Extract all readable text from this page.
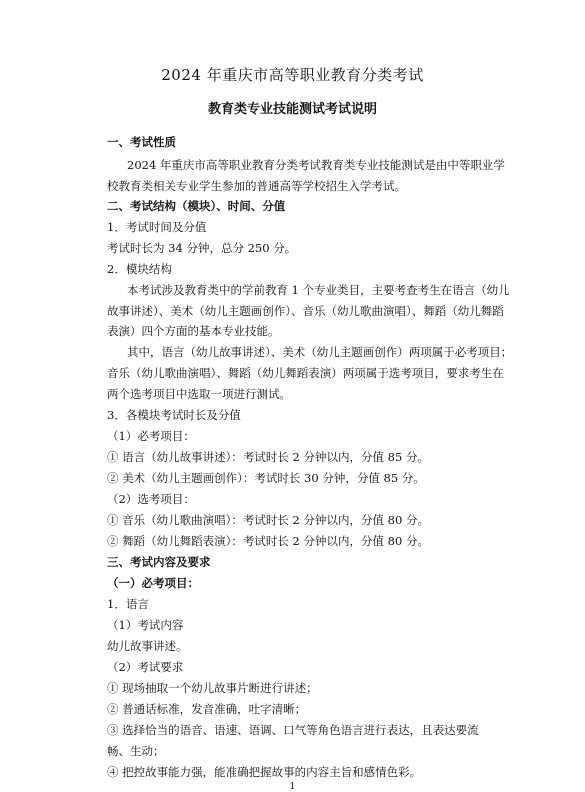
2024 年重庆市高等职业教育分类考试
教育类专业技能测试考试说明
一、考试性质
2024 年重庆市高等职业教育分类考试教育类专业技能测试是由中等职业学
校教育类相关专业学生参加的普通高等学校招生入学考试。
二、考试结构（模块）、时间、分值
1．考试时间及分值
考试时长为 34 分钟，总分 250 分。
2．模块结构
本考试涉及教育类中的学前教育 1 个专业类目，主要考查考生在语言（幼儿
故事讲述）、美术（幼儿主题画创作）、音乐（幼儿歌曲演唱）、舞蹈（幼儿舞蹈
表演）四个方面的基本专业技能。
其中，语言（幼儿故事讲述）、美术（幼儿主题画创作）两项属于必考项目；
音乐（幼儿歌曲演唱）、舞蹈（幼儿舞蹈表演）两项属于选考项目，要求考生在
两个选考项目中选取一项进行测试。
3．各模块考试时长及分值
（1）必考项目：
① 语言（幼儿故事讲述）：考试时长 2 分钟以内，分值 85 分。
② 美术（幼儿主题画创作）：考试时长 30 分钟，分值 85 分。
（2）选考项目：
① 音乐（幼儿歌曲演唱）：考试时长 2 分钟以内，分值 80 分。
② 舞蹈（幼儿舞蹈表演）：考试时长 2 分钟以内，分值 80 分。
三、考试内容及要求
（一）必考项目：
1．语言
（1）考试内容
幼儿故事讲述。
（2）考试要求
① 现场抽取一个幼儿故事片断进行讲述；
② 普通话标准，发音准确，吐字清晰；
③ 选择恰当的语音、语速、语调、口气等角色语言进行表达，且表达要流
畅、生动；
④ 把控故事能力强，能准确把握故事的内容主旨和感情色彩。
1
